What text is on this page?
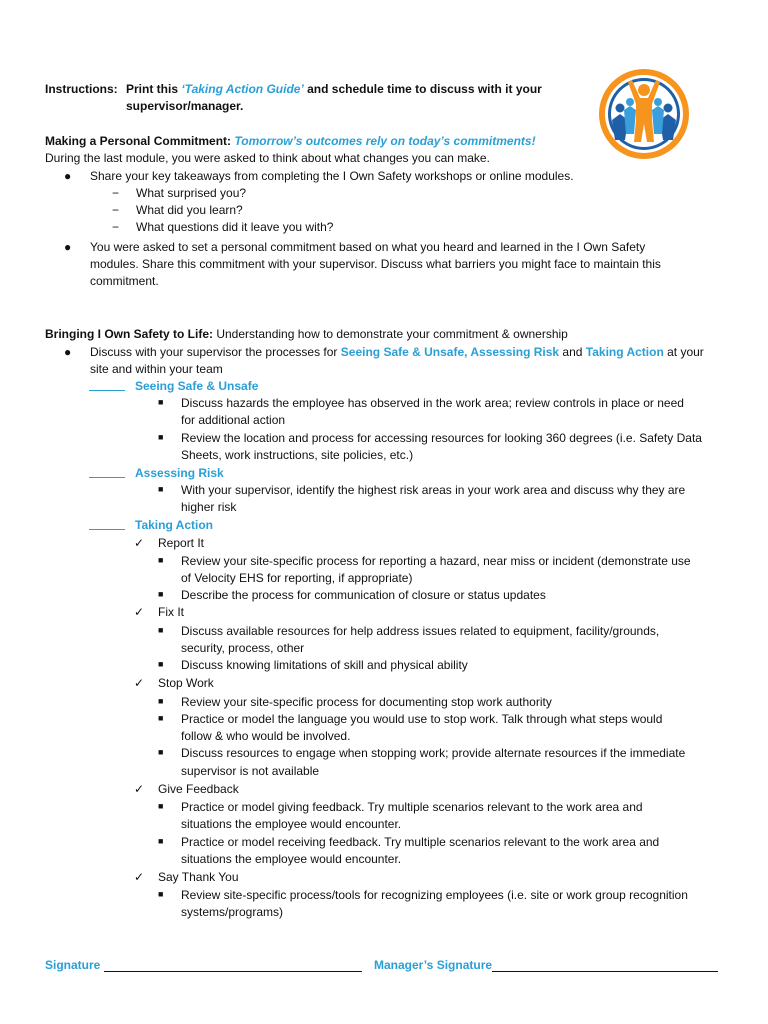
Instructions: Print this ‘Taking Action Guide’ and schedule time to discuss with it your
supervisor/manager.
Making a Personal Commitment: Tomorrow’s outcomes rely on today’s commitments!
During the last module, you were asked to think about what changes you can make.
● Share your key takeaways from completing the I Own Safety workshops or online modules.
− What surprised you?
− What did you learn?
− What questions did it leave you with?
● You were asked to set a personal commitment based on what you heard and learned in the I Own Safety
modules. Share this commitment with your supervisor. Discuss what barriers you might face to maintain this
commitment.
Bringing I Own Safety to Life: Understanding how to demonstrate your commitment & ownership
● Discuss with your supervisor the processes for Seeing Safe & Unsafe, Assessing Risk and Taking Action at your
site and within your team
Seeing Safe & Unsafe
■ Discuss hazards the employee has observed in the work area; review controls in place or need
for additional action
■ Review the location and process for accessing resources for looking 360 degrees (i.e. Safety Data
Sheets, work instructions, site policies, etc.)
Assessing Risk
■ With your supervisor, identify the highest risk areas in your work area and discuss why they are
higher risk
Taking Action
✓ Report It
■ Review your site-specific process for reporting a hazard, near miss or incident (demonstrate use
of Velocity EHS for reporting, if appropriate)
■ Describe the process for communication of closure or status updates
✓ Fix It
■ Discuss available resources for help address issues related to equipment, facility/grounds,
security, process, other
■ Discuss knowing limitations of skill and physical ability
✓ Stop Work
■ Review your site-specific process for documenting stop work authority
■ Practice or model the language you would use to stop work. Talk through what steps would
follow & who would be involved.
■ Discuss resources to engage when stopping work; provide alternate resources if the immediate
supervisor is not available
✓ Give Feedback
■ Practice or model giving feedback. Try multiple scenarios relevant to the work area and
situations the employee would encounter.
■ Practice or model receiving feedback. Try multiple scenarios relevant to the work area and
situations the employee would encounter.
✓ Say Thank You
■ Review site-specific process/tools for recognizing employees (i.e. site or work group recognition
systems/programs)
Signature	Manager’s Signature
